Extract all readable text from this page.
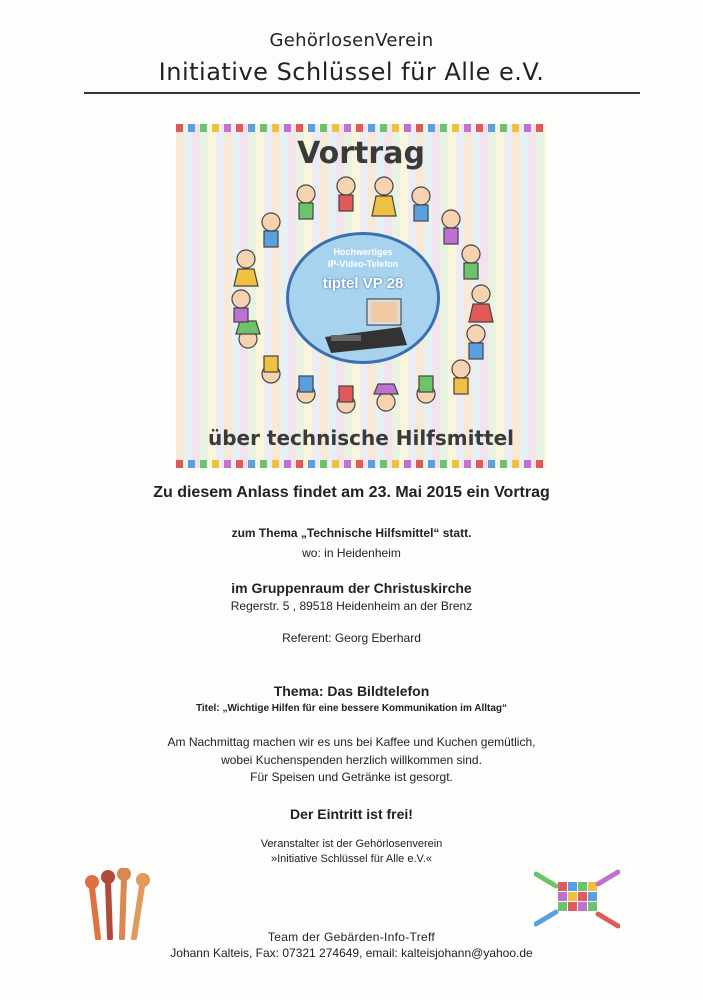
GehörlosenVerein
Initiative Schlüssel für Alle e.V.
Vortrag
Hochwertiges
IP-Video-Telefon
tiptel VP 28
über technische Hilfsmittel
Zu diesem Anlass findet am 23. Mai 2015 ein Vortrag
zum Thema „Technische Hilfsmittel“ statt.
wo: in Heidenheim
im Gruppenraum der Christuskirche
Regerstr. 5 , 89518 Heidenheim an der Brenz
Referent: Georg Eberhard
Thema: Das Bildtelefon
Titel: „Wichtige Hilfen für eine bessere Kommunikation im Alltag“
Am Nachmittag machen wir es uns bei Kaffee und Kuchen gemütlich,
wobei Kuchenspenden herzlich willkommen sind.
Für Speisen und Getränke ist gesorgt.
Der Eintritt ist frei!
Veranstalter ist der Gehörlosenverein
»Initiative Schlüssel für Alle e.V.«
Team der Gebärden-Info-Treff
Johann Kalteis, Fax: 07321 274649, email: kalteisjohann@yahoo.de
